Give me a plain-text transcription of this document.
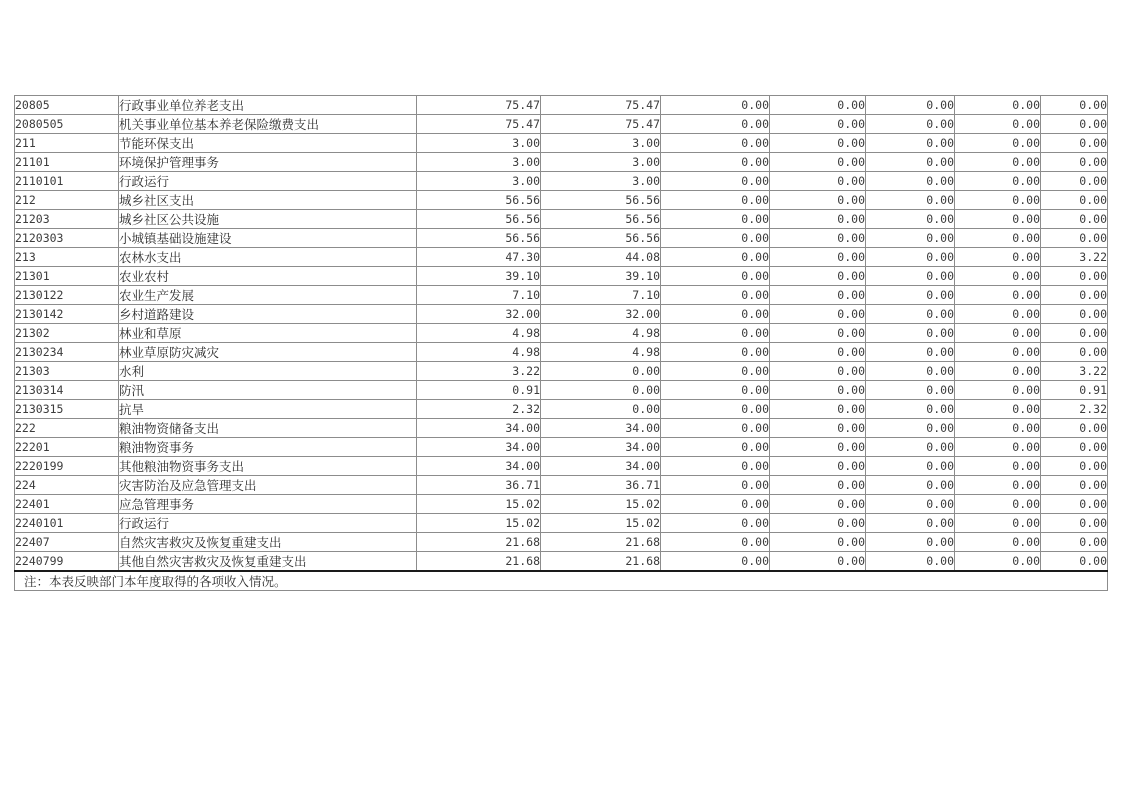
20805	行政事业单位养老支出	75.47	75.47	0.00	0.00	0.00	0.00	0.00
2080505	机关事业单位基本养老保险缴费支出	75.47	75.47	0.00	0.00	0.00	0.00	0.00
211	节能环保支出	3.00	3.00	0.00	0.00	0.00	0.00	0.00
21101	环境保护管理事务	3.00	3.00	0.00	0.00	0.00	0.00	0.00
2110101	行政运行	3.00	3.00	0.00	0.00	0.00	0.00	0.00
212	城乡社区支出	56.56	56.56	0.00	0.00	0.00	0.00	0.00
21203	城乡社区公共设施	56.56	56.56	0.00	0.00	0.00	0.00	0.00
2120303	小城镇基础设施建设	56.56	56.56	0.00	0.00	0.00	0.00	0.00
213	农林水支出	47.30	44.08	0.00	0.00	0.00	0.00	3.22
21301	农业农村	39.10	39.10	0.00	0.00	0.00	0.00	0.00
2130122	农业生产发展	7.10	7.10	0.00	0.00	0.00	0.00	0.00
2130142	乡村道路建设	32.00	32.00	0.00	0.00	0.00	0.00	0.00
21302	林业和草原	4.98	4.98	0.00	0.00	0.00	0.00	0.00
2130234	林业草原防灾减灾	4.98	4.98	0.00	0.00	0.00	0.00	0.00
21303	水利	3.22	0.00	0.00	0.00	0.00	0.00	3.22
2130314	防汛	0.91	0.00	0.00	0.00	0.00	0.00	0.91
2130315	抗旱	2.32	0.00	0.00	0.00	0.00	0.00	2.32
222	粮油物资储备支出	34.00	34.00	0.00	0.00	0.00	0.00	0.00
22201	粮油物资事务	34.00	34.00	0.00	0.00	0.00	0.00	0.00
2220199	其他粮油物资事务支出	34.00	34.00	0.00	0.00	0.00	0.00	0.00
224	灾害防治及应急管理支出	36.71	36.71	0.00	0.00	0.00	0.00	0.00
22401	应急管理事务	15.02	15.02	0.00	0.00	0.00	0.00	0.00
2240101	行政运行	15.02	15.02	0.00	0.00	0.00	0.00	0.00
22407	自然灾害救灾及恢复重建支出	21.68	21.68	0.00	0.00	0.00	0.00	0.00
2240799	其他自然灾害救灾及恢复重建支出	21.68	21.68	0.00	0.00	0.00	0.00	0.00
注：本表反映部门本年度取得的各项收入情况。								
